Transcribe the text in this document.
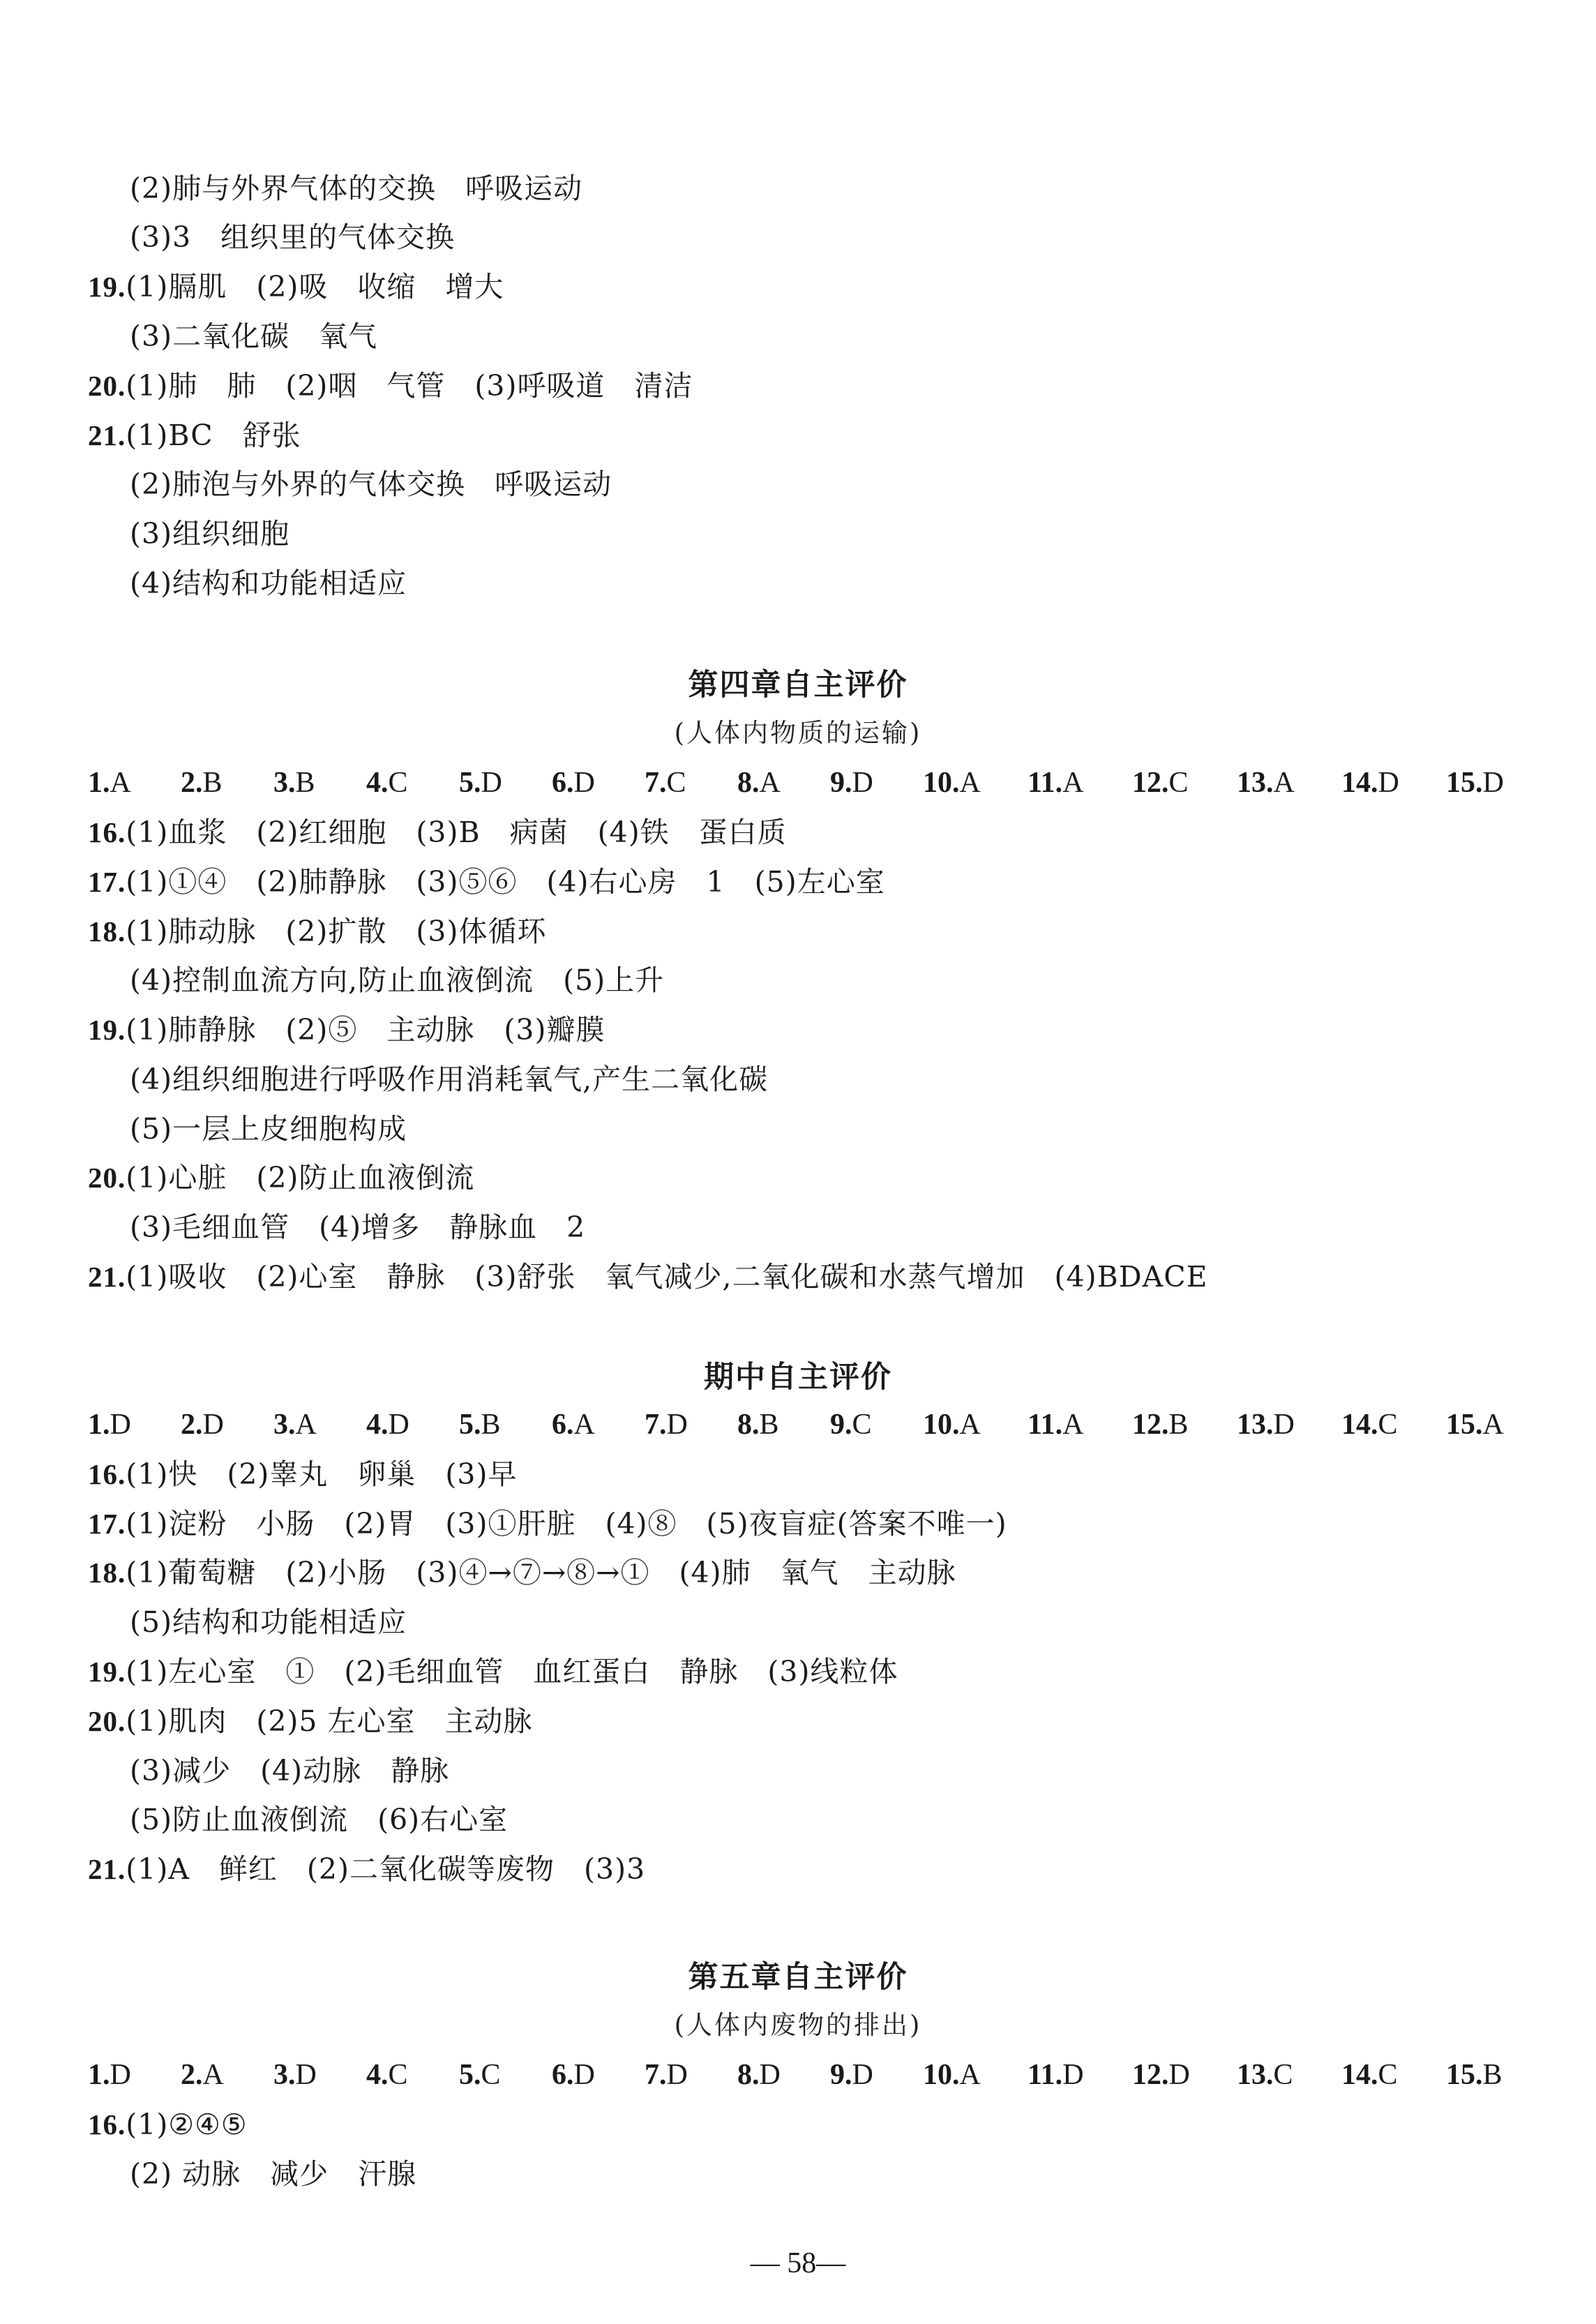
(2)肺与外界气体的交换　呼吸运动
(3)3　组织里的气体交换
19.(1)膈肌　(2)吸　收缩　增大
(3)二氧化碳　氧气
20.(1)肺　肺　(2)咽　气管　(3)呼吸道　清洁
21.(1)BC　舒张
(2)肺泡与外界的气体交换　呼吸运动
(3)组织细胞
(4)结构和功能相适应
第四章自主评价
(人体内物质的运输)
1.A 2.B 3.B 4.C 5.D 6.D 7.C 8.A 9.D 10.A 11.A 12.C 13.A 14.D 15.D
16.(1)血浆　(2)红细胞　(3)B　病菌　(4)铁　蛋白质
17.(1)①④　(2)肺静脉　(3)⑤⑥　(4)右心房　1　(5)左心室
18.(1)肺动脉　(2)扩散　(3)体循环
(4)控制血流方向,防止血液倒流　(5)上升
19.(1)肺静脉　(2)⑤　主动脉　(3)瓣膜
(4)组织细胞进行呼吸作用消耗氧气,产生二氧化碳
(5)一层上皮细胞构成
20.(1)心脏　(2)防止血液倒流
(3)毛细血管　(4)增多　静脉血　2
21.(1)吸收　(2)心室　静脉　(3)舒张　氧气减少,二氧化碳和水蒸气增加　(4)BDACE
期中自主评价
1.D 2.D 3.A 4.D 5.B 6.A 7.D 8.B 9.C 10.A 11.A 12.B 13.D 14.C 15.A
16.(1)快　(2)睾丸　卵巢　(3)早
17.(1)淀粉　小肠　(2)胃　(3)①肝脏　(4)⑧　(5)夜盲症(答案不唯一)
18.(1)葡萄糖　(2)小肠　(3)④→⑦→⑧→①　(4)肺　氧气　主动脉
(5)结构和功能相适应
19.(1)左心室　①　(2)毛细血管　血红蛋白　静脉　(3)线粒体
20.(1)肌肉　(2)5 左心室　主动脉
(3)减少　(4)动脉　静脉
(5)防止血液倒流　(6)右心室
21.(1)A　鲜红　(2)二氧化碳等废物　(3)3
第五章自主评价
(人体内废物的排出)
1.D 2.A 3.D 4.C 5.C 6.D 7.D 8.D 9.D 10.A 11.D 12.D 13.C 14.C 15.B
16.(1)②④⑤
(2) 动脉　减少　汗腺
— 58—
